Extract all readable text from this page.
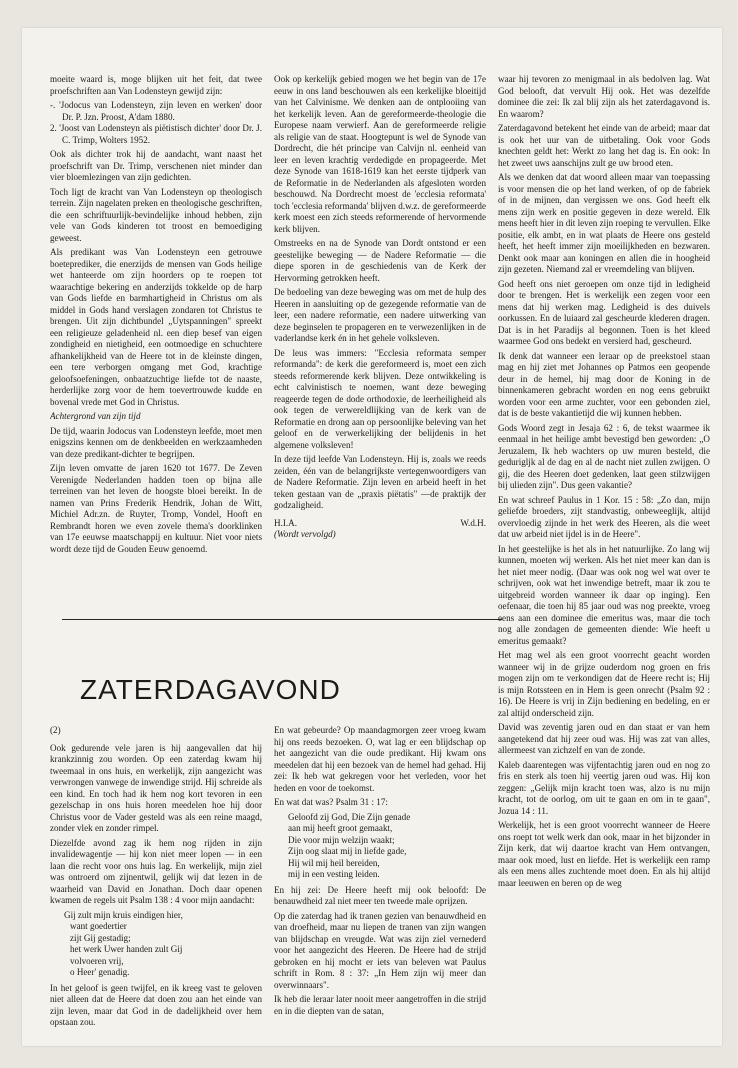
moeite waard is, moge blijken uit het feit, dat twee proefschriften aan Van Lodensteyn gewijd zijn:

-. 'Jodocus van Lodensteyn, zijn leven en werken' door Dr. P. Jzn. Proost, A'dam 1880.
2. 'Joost van Lodensteyn als piëtistisch dichter' door Dr. J. C. Trimp, Wolters 1952.

Ook als dichter trok hij de aandacht, want naast het proefschrift van Dr. Trimp, verschenen niet minder dan vier bloemlezingen van zijn gedichten.

Toch ligt de kracht van Van Lodensteyn op theologisch terrein. Zijn nagelaten preken en theologische geschriften, die een schriftuurlijk-bevindelijke inhoud hebben, zijn vele van Gods kinderen tot troost en bemoediging geweest.

Als predikant was Van Lodensteyn een getrouwe boeteprediker, die enerzijds de mensen van Gods heilige wet hanteerde om zijn hoorders op te roepen tot waarachtige bekering en anderzijds tokkelde op de harp van Gods liefde en barmhartigheid in Christus om als middel in Gods hand verslagen zondaren tot Christus te brengen. Uit zijn dichtbundel „Uytspanningen" spreekt een religieuze geladenheid nl. een diep besef van eigen zondigheid en nietigheid, een ootmoedige en schuchtere afhankelijkheid van de Heere tot in de kleinste dingen, een tere verborgen omgang met God, krachtige geloofsoefeningen, onbaatzuchtige liefde tot de naaste, herderlijke zorg voor de hem toevertrouwde kudde en bovenal vrede met God in Christus.

Achtergrond van zijn tijd

De tijd, waarin Jodocus van Lodensteyn leefde, moet men enigszins kennen om de denkbeelden en werkzaamheden van deze predikant-dichter te begrijpen.

Zijn leven omvatte de jaren 1620 tot 1677. De Zeven Verenigde Nederlanden hadden toen op bijna alle terreinen van het leven de hoogste bloei bereikt. In de namen van Prins Frederik Hendrik, Johan de Witt, Michiel Adr.zn. de Ruyter, Tromp, Vondel, Hooft en Rembrandt horen we even zovele thema's doorklinken van 17e eeuwse maatschappij en kultuur. Niet voor niets wordt deze tijd de Gouden Eeuw genoemd.

Ook op kerkelijk gebied mogen we het begin van de 17e eeuw in ons land beschouwen als een kerkelijke bloeitijd van het Calvinisme. We denken aan de ontplooiing van het kerkelijk leven. Aan de gereformeerde-theologie die Europese naam verwierf. Aan de gereformeerde religie als religie van de staat. Hoogtepunt is wel de Synode van Dordrecht, die hét principe van Calvijn nl. eenheid van leer en leven krachtig verdedigde en propageerde. Met deze Synode van 1618-1619 kan het eerste tijdperk van de Reformatie in de Nederlanden als afgesloten worden beschouwd. Na Dordrecht moest de 'ecclesia reformata' toch 'ecclesia reformanda' blijven d.w.z. de gereformeerde kerk moest een zich steeds reformerende of hervormende kerk blijven.

Omstreeks en na de Synode van Dordt ontstond er een geestelijke beweging — de Nadere Reformatie — die diepe sporen in de geschiedenis van de Kerk der Hervorming getrokken heeft.

De bedoeling van deze beweging was om met de hulp des Heeren in aansluiting op de gezegende reformatie van de leer, een nadere reformatie, een nadere uitwerking van deze beginselen te propageren en te verwezenlijken in de vaderlandse kerk én in het gehele volksleven.

De leus was immers: "Ecclesia reformata semper reformanda": de kerk die gereformeerd is, moet een zich steeds reformerende kerk blijven. Deze ontwikkeling is echt calvinistisch te noemen, want deze beweging reageerde tegen de dode orthodoxie, de leerheiligheid als ook tegen de verwereldlijking van de kerk van de Reformatie en drong aan op persoonlijke beleving van het geloof en de verwerkelijking der belijdenis in het algemene volksleven!

In deze tijd leefde Van Lodensteyn. Hij is, zoals we reeds zeiden, één van de belangrijkste vertegenwoordigers van de Nadere Reformatie. Zijn leven en arbeid heeft in het teken gestaan van de „praxis piëtatis" —de praktijk der godzaligheid.

H.I.A.	W.d.H.

(Wordt vervolgd)

ZATERDAGAVOND

waar hij tevoren zo menigmaal in als bedolven lag. Wat God belooft, dat vervult Hij ook. Het was dezelfde dominee die zei: Ik zal blij zijn als het zaterdagavond is. En waarom?

Zaterdagavond betekent het einde van de arbeid; maar dat is ook het uur van de uitbetaling. Ook voor Gods knechten geldt het: Werkt zo lang het dag is. En ook: In het zweet uws aanschijns zult ge uw brood eten.

Als we denken dat dat woord alleen maar van toepassing is voor mensen die op het land werken, of op de fabriek of in de mijnen, dan vergissen we ons. God heeft elk mens zijn werk en positie gegeven in deze wereld. Elk mens heeft hier in dit leven zijn roeping te vervullen. Elke positie, elk ambt, en in wat plaats de Heere ons gesteld heeft, het heeft immer zijn moeilijkheden en bezwaren. Denkt ook maar aan koningen en allen die in hoogheid zijn gezeten. Niemand zal er vreemdeling van blijven.

God heeft ons niet geroepen om onze tijd in ledigheid door te brengen. Het is werkelijk een zegen voor een mens dat hij werken mag. Ledigheid is des duivels oorkussen. En de luiaard zal gescheurde klederen dragen. Dat is in het Paradijs al begonnen. Toen is het kleed waarmee God ons bedekt en versierd had, gescheurd.

Ik denk dat wanneer een leraar op de preekstoel staan mag en hij ziet met Johannes op Patmos een geopende deur in de hemel, hij mag door de Koning in de binnenkameren gebracht worden en nog eens gebruikt worden voor een arme zuchter, voor een gebonden ziel, dat is de beste vakantietijd die wij kunnen hebben.

Gods Woord zegt in Jesaja 62 : 6, de tekst waarmee ik eenmaal in het heilige ambt bevestigd ben geworden: „O Jeruzalem, Ik heb wachters op uw muren besteld, die gedurigljk al de dag en al de nacht niet zullen zwijgen. O gij, die des Heeren doet gedenken, laat geen stilzwijgen bij ulieden zijn". Dus geen vakantie?

En wat schreef Paulus in 1 Kor. 15 : 58: „Zo dan, mijn geliefde broeders, zijt standvastig, onbeweeglijk, altijd overvloedig zijnde in het werk des Heeren, als die weet dat uw arbeid niet ijdel is in de Heere".

In het geestelijke is het als in het natuurlijke. Zo lang wij kunnen, moeten wij werken. Als het niet meer kan dan is het niet meer nodig. (Daar was ook nog wel wat over te schrijven, ook wat het inwendige betreft, maar ik zou te uitgebreid worden wanneer ik daar op inging). Een oefenaar, die toen hij 85 jaar oud was nog preekte, vroeg eens aan een dominee die emeritus was, maar die toch nog alle zondagen de gemeenten diende: Wie heeft u emeritus gemaakt?

Het mag wel als een groot voorrecht geacht worden wanneer wij in de grijze ouderdom nog groen en fris mogen zijn om te verkondigen dat de Heere recht is; Hij is mijn Rotssteen en in Hem is geen onrecht (Psalm 92 : 16). De Heere is vrij in Zijn bediening en bedeling, en er zal altijd onderscheid zijn.

David was zeventig jaren oud en dan staat er van hem aangetekend dat hij zeer oud was. Hij was zat van alles, allermeest van zichzelf en van de zonde.

Kaleb daarentegen was vijfentachtig jaren oud en nog zo fris en sterk als toen hij veertig jaren oud was. Hij kon zeggen: „Gelijk mijn kracht toen was, alzo is nu mijn kracht, tot de oorlog, om uit te gaan en om in te gaan", Jozua 14 : 11.

Werkelijk, het is een groot voorrecht wanneer de Heere ons roept tot welk werk dan ook, maar in het bijzonder in Zijn kerk, dat wij daartoe kracht van Hem ontvangen, maar ook moed, lust en liefde. Het is werkelijk een ramp als een mens alles zuchtende moet doen. En als hij altijd maar leeuwen en beren op de weg

(2)

Ook gedurende vele jaren is hij aangevallen dat hij krankzinnig zou worden. Op een zaterdag kwam hij tweemaal in ons huis, en werkelijk, zijn aangezicht was verwrongen vanwege de inwendige strijd. Hij schreide als een kind. En toch had ik hem nog kort tevoren in een gezelschap in ons huis horen meedelen hoe hij door Christus voor de Vader gesteld was als een reine maagd, zonder vlek en zonder rimpel.

Diezelfde avond zag ik hem nog rijden in zijn invalidewagentje — hij kon niet meer lopen — in een laan die recht voor ons huis lag. En werkelijk, mijn ziel was ontroerd om zijnentwil, gelijk wij dat lezen in de waarheid van David en Jonathan. Doch daar openen kwamen de regels uit Psalm 138 : 4 voor mijn aandacht:

Gij zult mijn kruis eindigen hier,
want goedertier
zijt Gij gestadig;
het werk Uwer handen zult Gij
volvoeren vrij,
o Heer' genadig.

In het geloof is geen twijfel, en ik kreeg vast te geloven niet alleen dat de Heere dat doen zou aan het einde van zijn leven, maar dat God in de dadelijkheid over hem opstaan zou.

En wat gebeurde? Op maandagmorgen zeer vroeg kwam hij ons reeds bezoeken. O, wat lag er een blijdschap op het aangezicht van die oude predikant. Hij kwam ons meedelen dat hij een bezoek van de hemel had gehad. Hij zei: Ik heb wat gekregen voor het verleden, voor het heden en voor de toekomst.

En wat dat was? Psalm 31 : 17:

Geloofd zij God, Die Zijn genade
aan mij heeft groot gemaakt,
Die voor mijn welzijn waakt;
Zijn oog slaat mij in liefde gade,
Hij wil mij heil bereiden,
mij in een vesting leiden.

En hij zei: De Heere heeft mij ook beloofd: De benauwdheid zal niet meer ten tweede male oprijzen.

Op die zaterdag had ik tranen gezien van benauwdheid en van droefheid, maar nu liepen de tranen van zijn wangen van blijdschap en vreugde. Wat was zijn ziel vernederd voor het aangezicht des Heeren. De Heere had de strijd gebroken en hij mocht er iets van beleven wat Paulus schrift in Rom. 8 : 37: „In Hem zijn wij meer dan overwinnaars".

Ik heb die leraar later nooit meer aangetroffen in die strijd en in die diepten van de satan,
